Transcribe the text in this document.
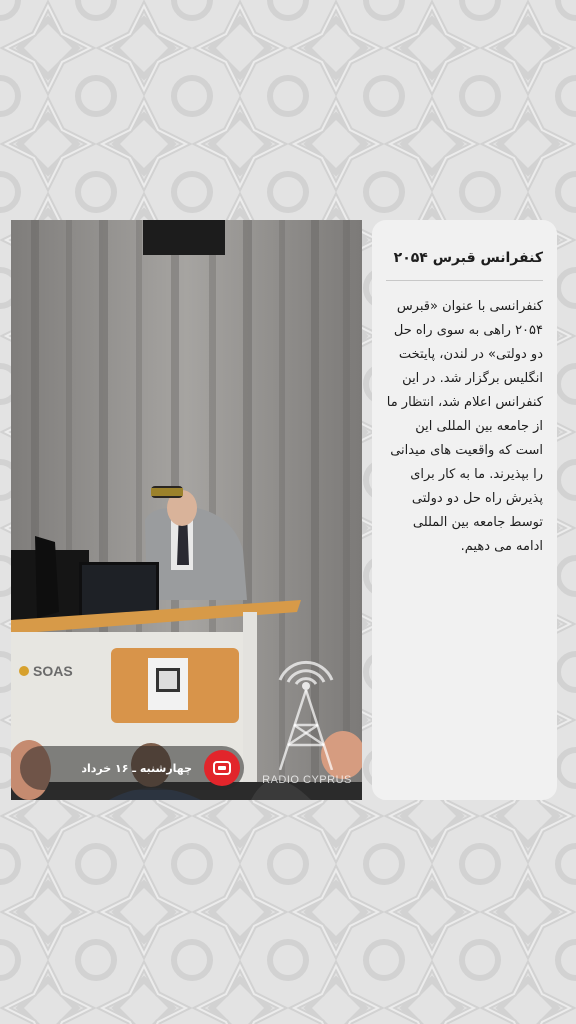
SOAS
RADIO CYPRUS
چهارشنبه ـ ۱۶ خرداد
کنفرانس قبرس ۲۰۵۴

کنفرانسی با عنوان «قبرس ۲۰۵۴ راهی به سوی راه حل دو دولتی» در لندن، پایتخت انگلیس برگزار شد. در این کنفرانس اعلام شد، انتظار ما از جامعه بین المللی این است که واقعیت های میدانی را بپذیرند. ما به کار برای پذیرش راه حل دو دولتی توسط جامعه بین المللی ادامه می دهیم.
